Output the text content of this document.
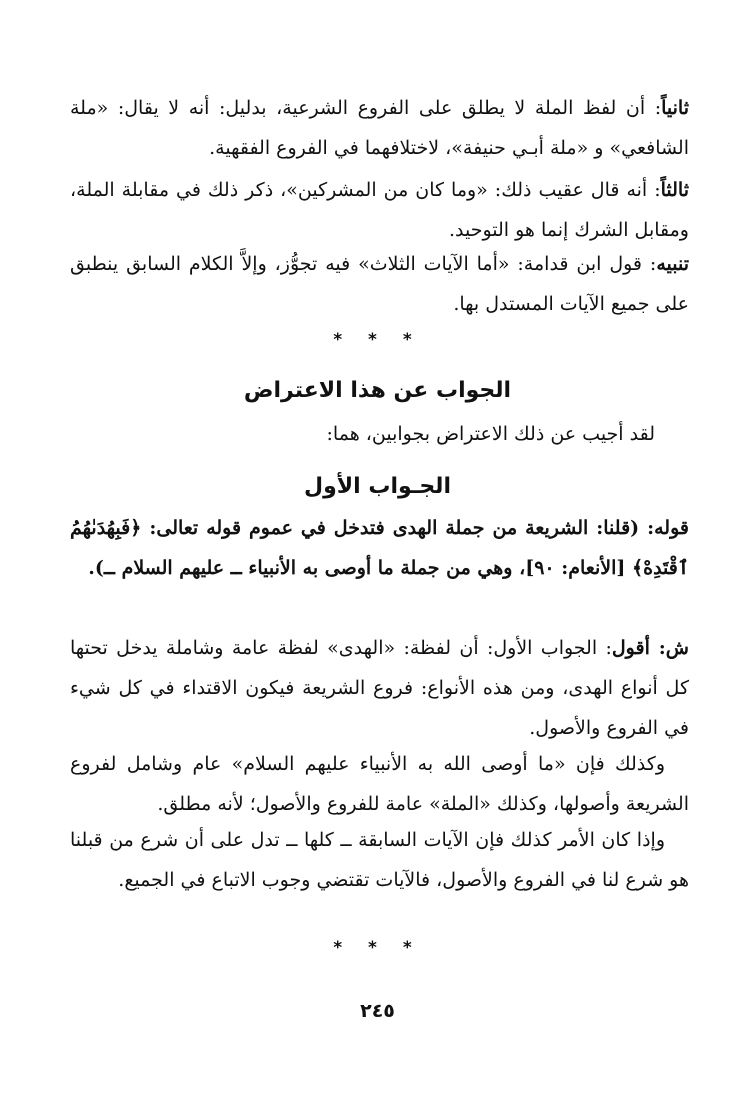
ثانياً: أن لفظ الملة لا يطلق على الفروع الشرعية، بدليل: أنه لا يقال: «ملة الشافعي» و «ملة أبـي حنيفة»، لاختلافهما في الفروع الفقهية.

ثالثاً: أنه قال عقيب ذلك: «وما كان من المشركين»، ذكر ذلك في مقابلة الملة، ومقابل الشرك إنما هو التوحيد.

تنبيه: قول ابن قدامة: «أما الآيات الثلاث» فيه تجوُّز، وإلاَّ الكلام السابق ينطبق على جميع الآيات المستدل بها.

* * *
الجواب عن هذا الاعتراض

لقد أجيب عن ذلك الاعتراض بجوابين، هما:

الجـواب الأول

قوله: (قلنا: الشريعة من جملة الهدى فتدخل في عموم قوله تعالى: ﴿فَبِهُدَىٰهُمُ ٱقْتَدِهْ﴾ [الأنعام: ٩٠]، وهي من جملة ما أوصى به الأنبياء ــ عليهم السلام ــ).

ش: أقول: الجواب الأول: أن لفظة: «الهدى» لفظة عامة وشاملة يدخل تحتها كل أنواع الهدى، ومن هذه الأنواع: فروع الشريعة فيكون الاقتداء في كل شيء في الفروع والأصول.

وكذلك فإن «ما أوصى الله به الأنبياء عليهم السلام» عام وشامل لفروع الشريعة وأصولها، وكذلك «الملة» عامة للفروع والأصول؛ لأنه مطلق.

وإذا كان الأمر كذلك فإن الآيات السابقة ــ كلها ــ تدل على أن شرع من قبلنا هو شرع لنا في الفروع والأصول، فالآيات تقتضي وجوب الاتباع في الجميع.

* * *
٢٤٥
